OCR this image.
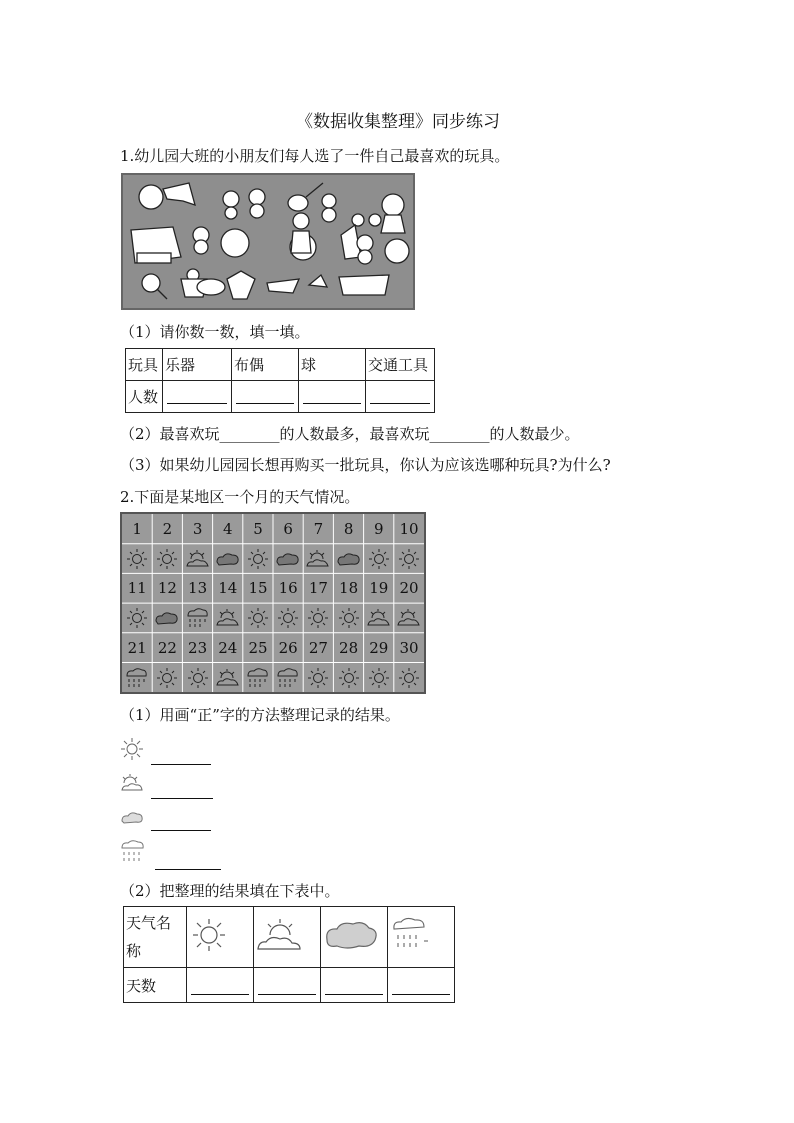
《数据收集整理》同步练习
1.幼儿园大班的小朋友们每人选了一件自己最喜欢的玩具。
（1）请你数一数，填一填。
玩具	乐器	布偶	球	交通工具
人数	

（2）最喜欢玩________的人数最多，最喜欢玩________的人数最少。
（3）如果幼儿园园长想再购买一批玩具，你认为应该选哪种玩具?为什么?
2.下面是某地区一个月的天气情况。
1	2	3	4	5	6	7	8	9	10
11 12 13 14 15 16 17 18 19 20
21 22 23 24 25 26 27 28 29 30
（1）用画“正”字的方法整理记录的结果。

（2）把整理的结果填在下表中。
天气名称				
天数	
